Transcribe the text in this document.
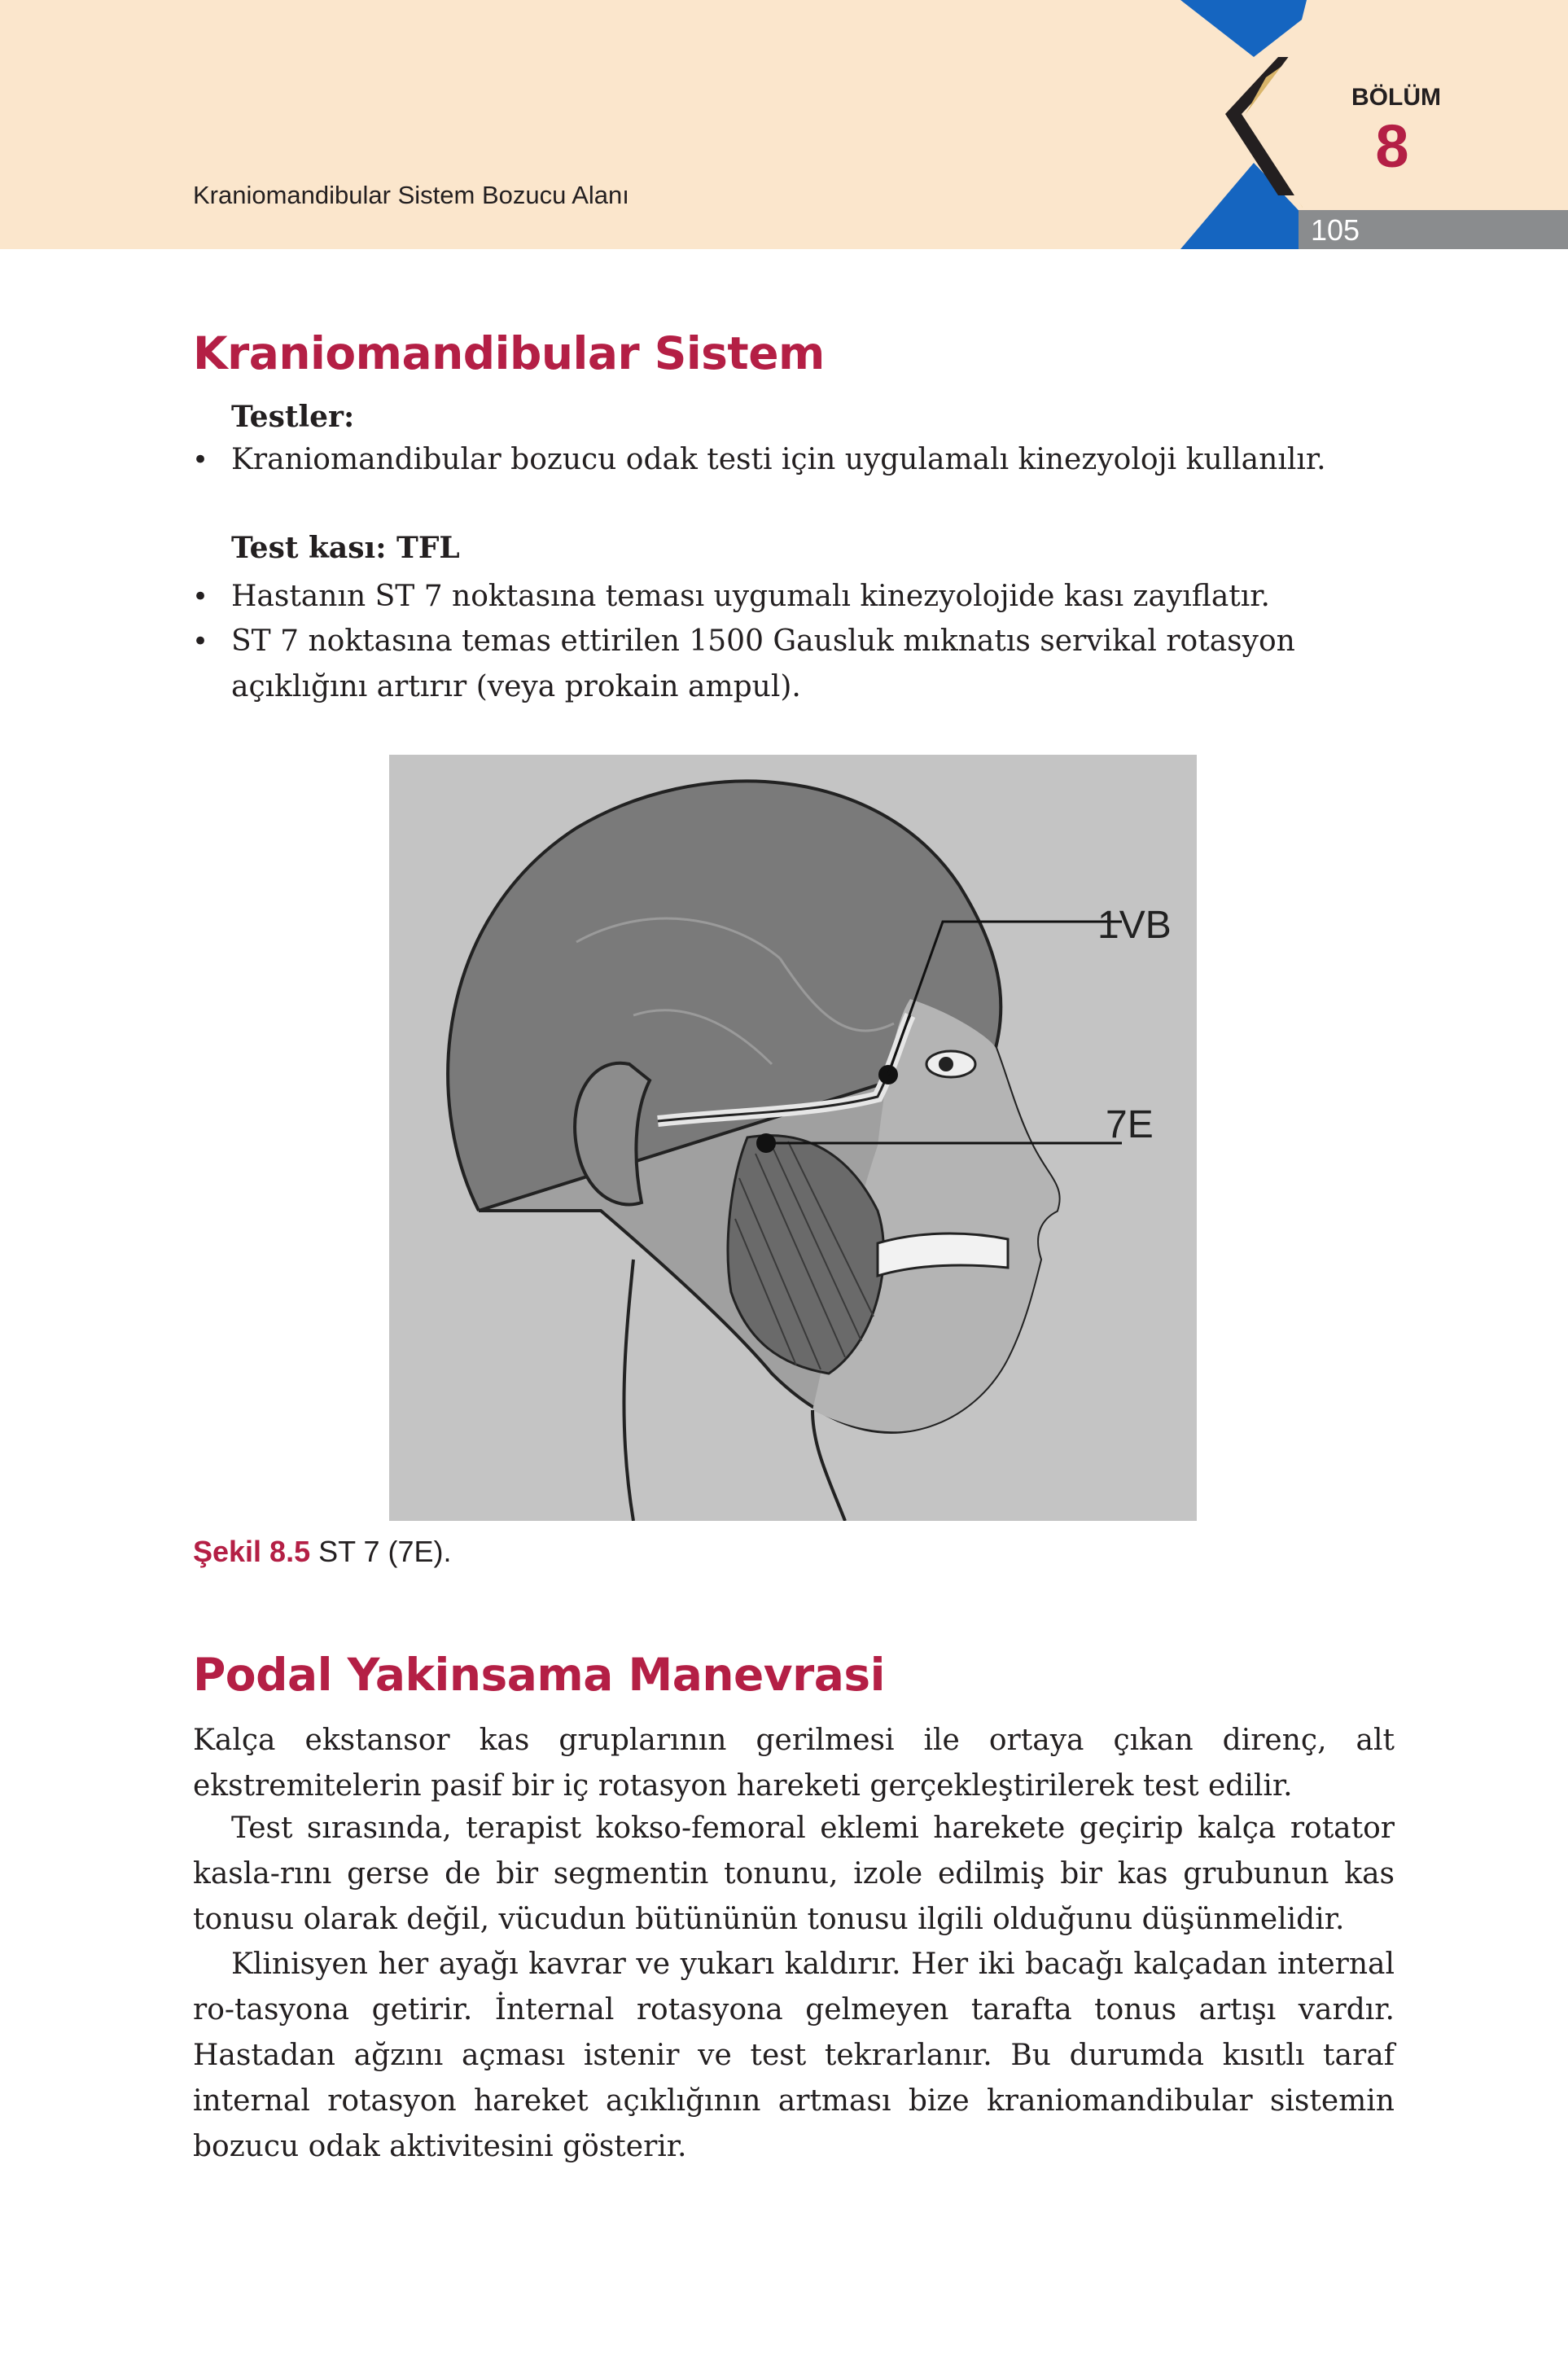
Kraniomandibular Sistem Bozucu Alanı
BÖLÜM
8
105
Kraniomandibular Sistem

Testler:

• Kraniomandibular bozucu odak testi için uygulamalı kinezyoloji kullanılır.

Test kası: TFL

• Hastanın ST 7 noktasına teması uygumalı kinezyolojide kası zayıflatır.
• ST 7 noktasına temas ettirilen 1500 Gausluk mıknatıs servikal rotasyon açıklığını artırır (veya prokain ampul).
1VB
7E
Şekil 8.5 ST 7 (7E).
Podal Yakinsama Manevrasi

Kalça ekstansor kas gruplarının gerilmesi ile ortaya çıkan direnç, alt ekstremitelerin pasif bir iç rotasyon hareketi gerçekleştirilerek test edilir.

Test sırasında, terapist kokso-femoral eklemi harekete geçirip kalça rotator kasla-rını gerse de bir segmentin tonunu, izole edilmiş bir kas grubunun kas tonusu olarak değil, vücudun bütününün tonusu ilgili olduğunu düşünmelidir.

Klinisyen her ayağı kavrar ve yukarı kaldırır. Her iki bacağı kalçadan internal ro-tasyona getirir. İnternal rotasyona gelmeyen tarafta tonus artışı vardır. Hastadan ağzını açması istenir ve test tekrarlanır. Bu durumda kısıtlı taraf internal rotasyon hareket açıklığının artması bize kraniomandibular sistemin bozucu odak aktivitesini gösterir.
